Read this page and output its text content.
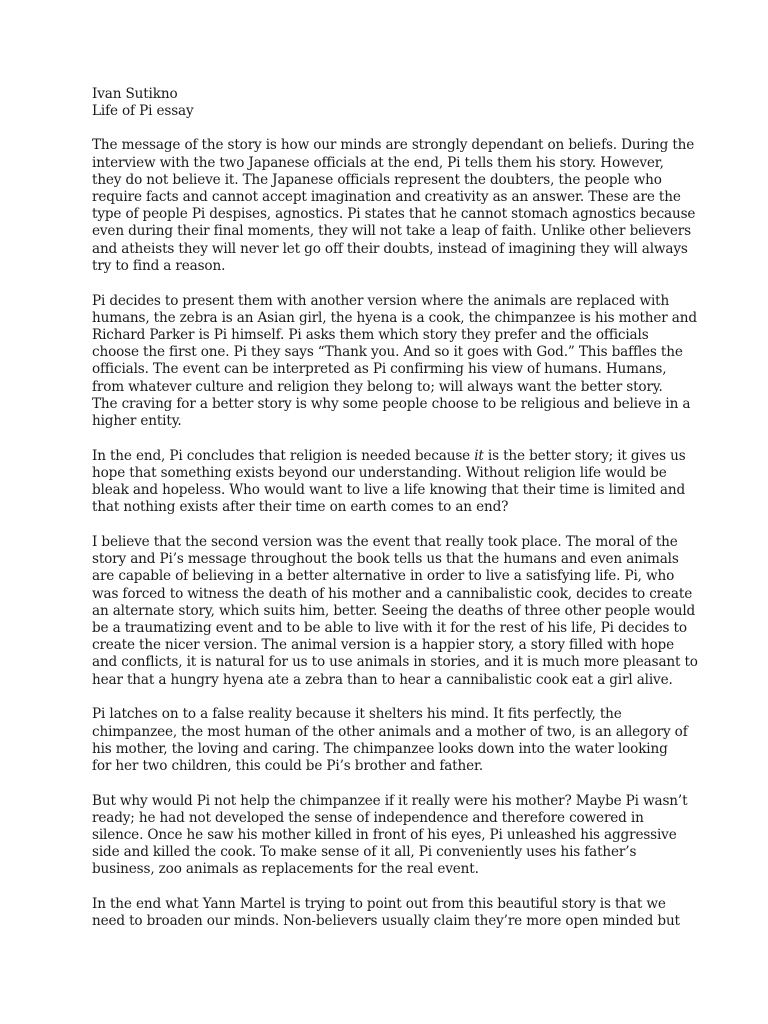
Ivan Sutikno
Life of Pi essay
The message of the story is how our minds are strongly dependant on beliefs. During the
interview with the two Japanese officials at the end, Pi tells them his story. However,
they do not believe it. The Japanese officials represent the doubters, the people who
require facts and cannot accept imagination and creativity as an answer. These are the
type of people Pi despises, agnostics. Pi states that he cannot stomach agnostics because
even during their final moments, they will not take a leap of faith. Unlike other believers
and atheists they will never let go off their doubts, instead of imagining they will always
try to find a reason.
Pi decides to present them with another version where the animals are replaced with
humans, the zebra is an Asian girl, the hyena is a cook, the chimpanzee is his mother and
Richard Parker is Pi himself. Pi asks them which story they prefer and the officials
choose the first one. Pi they says “Thank you. And so it goes with God.” This baffles the
officials. The event can be interpreted as Pi confirming his view of humans. Humans,
from whatever culture and religion they belong to; will always want the better story.
The craving for a better story is why some people choose to be religious and believe in a
higher entity.
In the end, Pi concludes that religion is needed because it is the better story; it gives us
hope that something exists beyond our understanding. Without religion life would be
bleak and hopeless. Who would want to live a life knowing that their time is limited and
that nothing exists after their time on earth comes to an end?
I believe that the second version was the event that really took place. The moral of the
story and Pi’s message throughout the book tells us that the humans and even animals
are capable of believing in a better alternative in order to live a satisfying life. Pi, who
was forced to witness the death of his mother and a cannibalistic cook, decides to create
an alternate story, which suits him, better. Seeing the deaths of three other people would
be a traumatizing event and to be able to live with it for the rest of his life, Pi decides to
create the nicer version. The animal version is a happier story, a story filled with hope
and conflicts, it is natural for us to use animals in stories, and it is much more pleasant to
hear that a hungry hyena ate a zebra than to hear a cannibalistic cook eat a girl alive.
Pi latches on to a false reality because it shelters his mind. It fits perfectly, the
chimpanzee, the most human of the other animals and a mother of two, is an allegory of
his mother, the loving and caring. The chimpanzee looks down into the water looking
for her two children, this could be Pi’s brother and father.
But why would Pi not help the chimpanzee if it really were his mother? Maybe Pi wasn’t
ready; he had not developed the sense of independence and therefore cowered in
silence. Once he saw his mother killed in front of his eyes, Pi unleashed his aggressive
side and killed the cook. To make sense of it all, Pi conveniently uses his father’s
business, zoo animals as replacements for the real event.
In the end what Yann Martel is trying to point out from this beautiful story is that we
need to broaden our minds. Non-believers usually claim they’re more open minded but
